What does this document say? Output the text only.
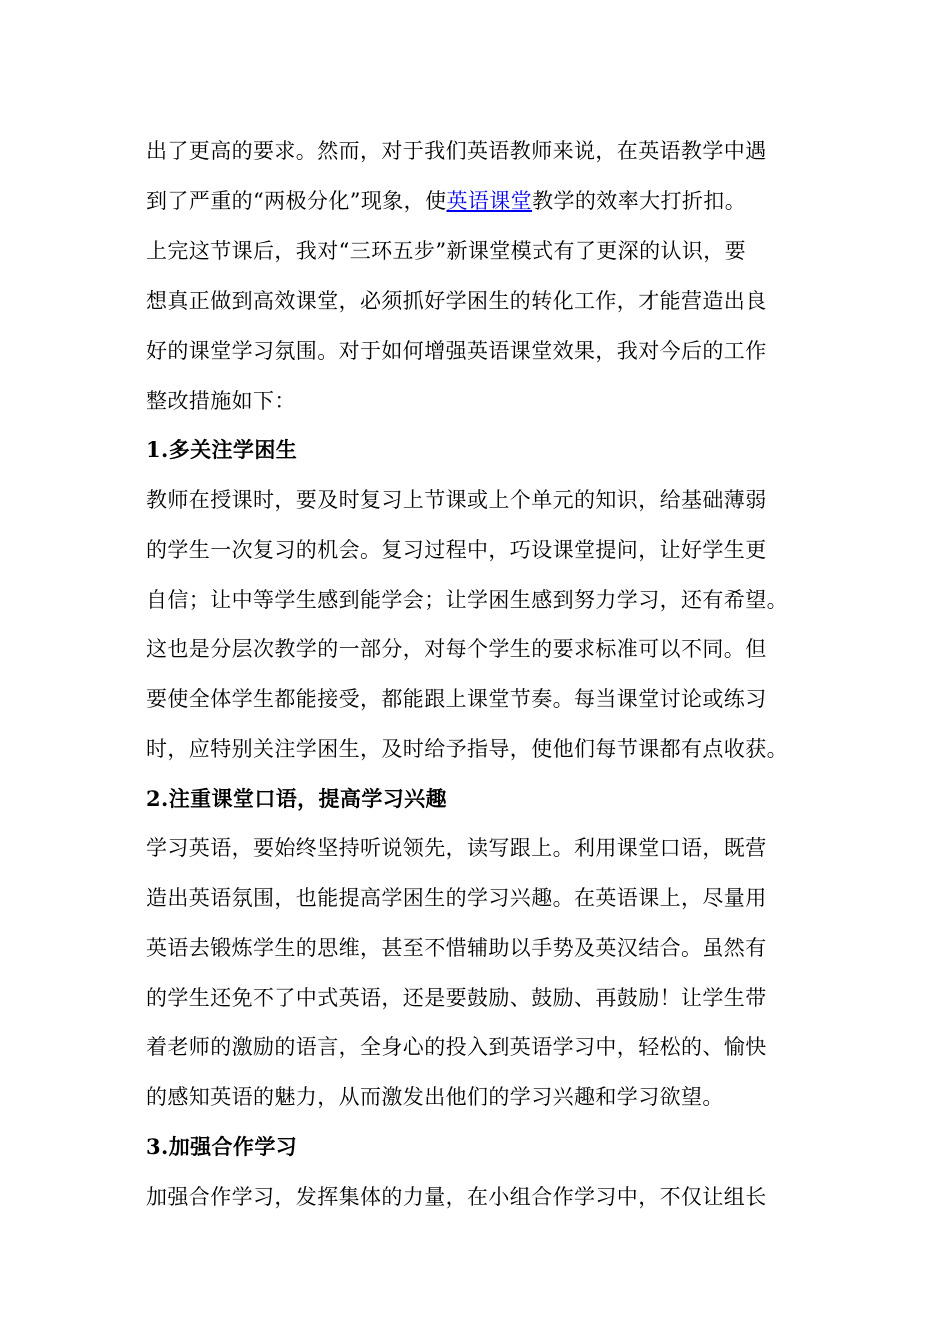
出了更高的要求。然而，对于我们英语教师来说，在英语教学中遇
到了严重的“两极分化”现象，使英语课堂教学的效率大打折扣。
上完这节课后，我对“三环五步”新课堂模式有了更深的认识，要
想真正做到高效课堂，必须抓好学困生的转化工作，才能营造出良
好的课堂学习氛围。对于如何增强英语课堂效果，我对今后的工作
整改措施如下：
1.多关注学困生
教师在授课时，要及时复习上节课或上个单元的知识，给基础薄弱
的学生一次复习的机会。复习过程中，巧设课堂提问，让好学生更
自信；让中等学生感到能学会；让学困生感到努力学习，还有希望。
这也是分层次教学的一部分，对每个学生的要求标准可以不同。但
要使全体学生都能接受，都能跟上课堂节奏。每当课堂讨论或练习
时，应特别关注学困生，及时给予指导，使他们每节课都有点收获。
2.注重课堂口语，提高学习兴趣
学习英语，要始终坚持听说领先，读写跟上。利用课堂口语，既营
造出英语氛围，也能提高学困生的学习兴趣。在英语课上，尽量用
英语去锻炼学生的思维，甚至不惜辅助以手势及英汉结合。虽然有
的学生还免不了中式英语，还是要鼓励、鼓励、再鼓励！让学生带
着老师的激励的语言，全身心的投入到英语学习中，轻松的、愉快
的感知英语的魅力，从而激发出他们的学习兴趣和学习欲望。
3.加强合作学习
加强合作学习，发挥集体的力量，在小组合作学习中，不仅让组长
